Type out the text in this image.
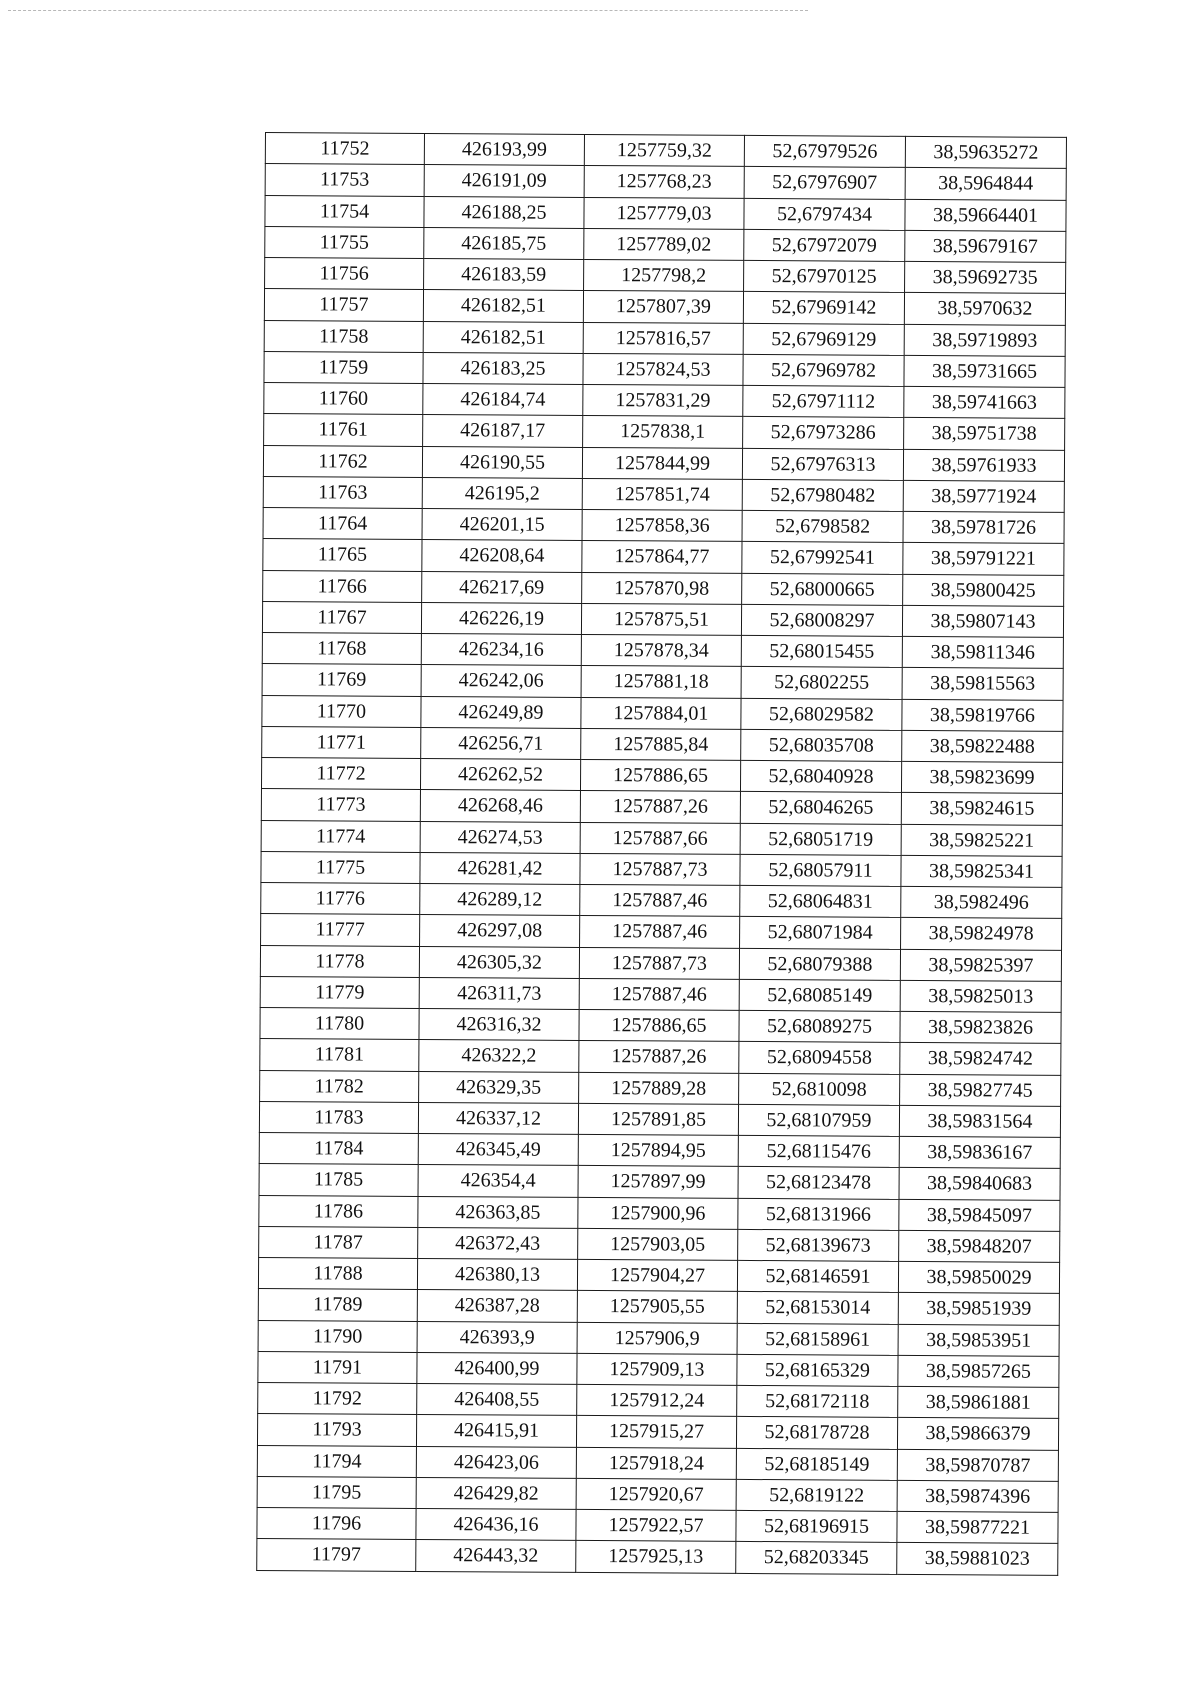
11752	426193,99	1257759,32	52,67979526	38,59635272
11753	426191,09	1257768,23	52,67976907	38,5964844
11754	426188,25	1257779,03	52,6797434	38,59664401
11755	426185,75	1257789,02	52,67972079	38,59679167
11756	426183,59	1257798,2	52,67970125	38,59692735
11757	426182,51	1257807,39	52,67969142	38,5970632
11758	426182,51	1257816,57	52,67969129	38,59719893
11759	426183,25	1257824,53	52,67969782	38,59731665
11760	426184,74	1257831,29	52,67971112	38,59741663
11761	426187,17	1257838,1	52,67973286	38,59751738
11762	426190,55	1257844,99	52,67976313	38,59761933
11763	426195,2	1257851,74	52,67980482	38,59771924
11764	426201,15	1257858,36	52,6798582	38,59781726
11765	426208,64	1257864,77	52,67992541	38,59791221
11766	426217,69	1257870,98	52,68000665	38,59800425
11767	426226,19	1257875,51	52,68008297	38,59807143
11768	426234,16	1257878,34	52,68015455	38,59811346
11769	426242,06	1257881,18	52,6802255	38,59815563
11770	426249,89	1257884,01	52,68029582	38,59819766
11771	426256,71	1257885,84	52,68035708	38,59822488
11772	426262,52	1257886,65	52,68040928	38,59823699
11773	426268,46	1257887,26	52,68046265	38,59824615
11774	426274,53	1257887,66	52,68051719	38,59825221
11775	426281,42	1257887,73	52,68057911	38,59825341
11776	426289,12	1257887,46	52,68064831	38,5982496
11777	426297,08	1257887,46	52,68071984	38,59824978
11778	426305,32	1257887,73	52,68079388	38,59825397
11779	426311,73	1257887,46	52,68085149	38,59825013
11780	426316,32	1257886,65	52,68089275	38,59823826
11781	426322,2	1257887,26	52,68094558	38,59824742
11782	426329,35	1257889,28	52,6810098	38,59827745
11783	426337,12	1257891,85	52,68107959	38,59831564
11784	426345,49	1257894,95	52,68115476	38,59836167
11785	426354,4	1257897,99	52,68123478	38,59840683
11786	426363,85	1257900,96	52,68131966	38,59845097
11787	426372,43	1257903,05	52,68139673	38,59848207
11788	426380,13	1257904,27	52,68146591	38,59850029
11789	426387,28	1257905,55	52,68153014	38,59851939
11790	426393,9	1257906,9	52,68158961	38,59853951
11791	426400,99	1257909,13	52,68165329	38,59857265
11792	426408,55	1257912,24	52,68172118	38,59861881
11793	426415,91	1257915,27	52,68178728	38,59866379
11794	426423,06	1257918,24	52,68185149	38,59870787
11795	426429,82	1257920,67	52,6819122	38,59874396
11796	426436,16	1257922,57	52,68196915	38,59877221
11797	426443,32	1257925,13	52,68203345	38,59881023
